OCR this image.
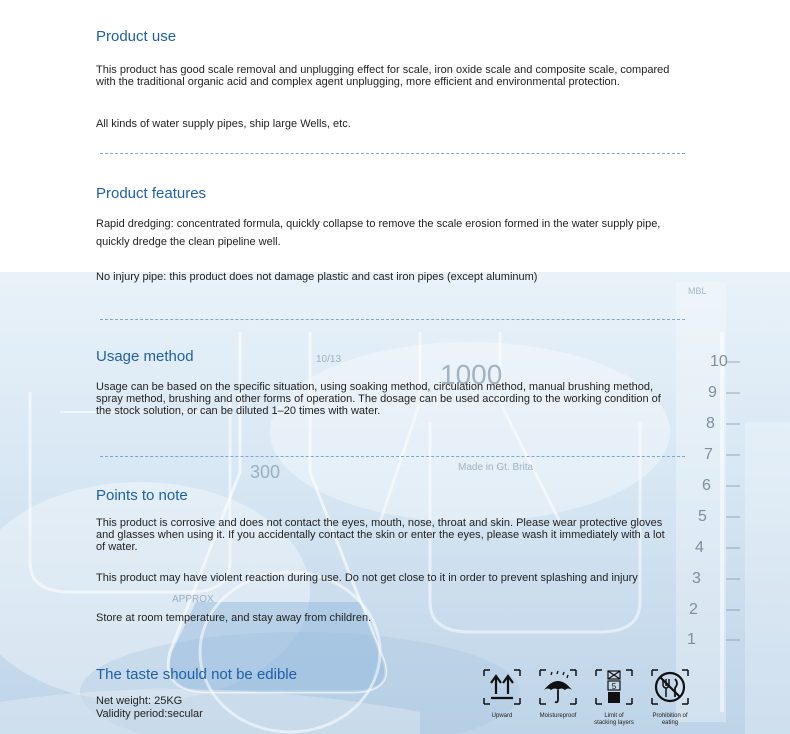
10
9
8
7
6
5
4
3
2
1
MBL
1000
300
10/13
APPROX
Made in Gt. Brita
Product use

This product has good scale removal and unplugging effect for scale, iron oxide scale and composite scale, compared with the traditional organic acid and complex agent unplugging, more efficient and environmental protection.

All kinds of water supply pipes, ship large Wells, etc.

Product features

Rapid dredging: concentrated formula, quickly collapse to remove the scale erosion formed in the water supply pipe, quickly dredge the clean pipeline well.

No injury pipe: this product does not damage plastic and cast iron pipes (except aluminum)

Usage method

Usage can be based on the specific situation, using soaking method, circulation method, manual brushing method, spray method, brushing and other forms of operation. The dosage can be used according to the working condition of the stock solution, or can be diluted 1–20 times with water.

Points to note

This product is corrosive and does not contact the eyes, mouth, nose, throat and skin. Please wear protective gloves and glasses when using it. If you accidentally contact the skin or enter the eyes, please wash it immediately with a lot of water.

This product may have violent reaction during use. Do not get close to it in order to prevent splashing and injury

Store at room temperature, and stay away from children.

The taste should not be edible

Net weight: 25KG

Validity period:secular	Upward	Moistureproof
5
Limit of stacking layers
Prohibition of eating
